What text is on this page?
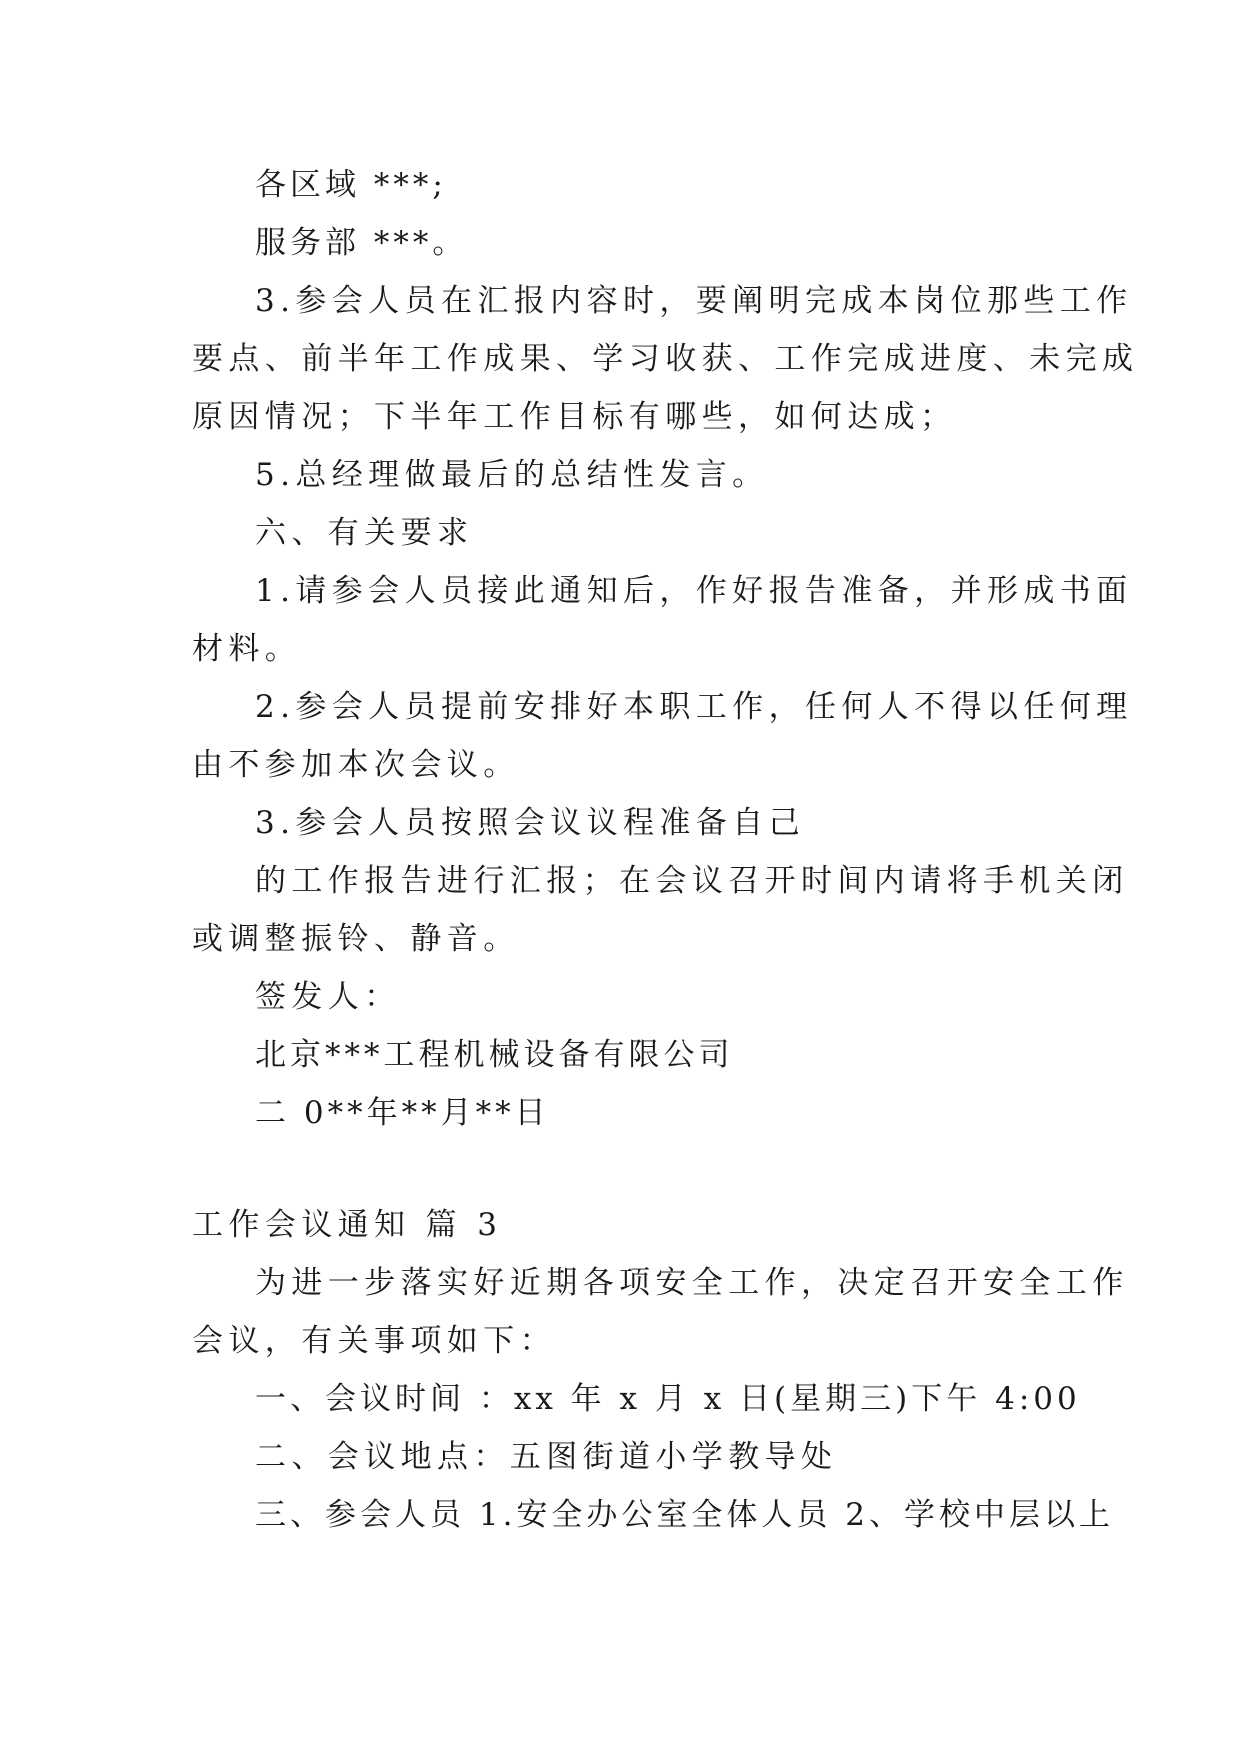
各区域 ***;
服务部 ***。
3.参会人员在汇报内容时，要阐明完成本岗位那些工作
要点、前半年工作成果、学习收获、工作完成进度、未完成
原因情况；下半年工作目标有哪些，如何达成；
5.总经理做最后的总结性发言。
六、有关要求
1.请参会人员接此通知后，作好报告准备，并形成书面
材料。
2.参会人员提前安排好本职工作，任何人不得以任何理
由不参加本次会议。
3.参会人员按照会议议程准备自己
的工作报告进行汇报；在会议召开时间内请将手机关闭
或调整振铃、静音。
签发人：
北京***工程机械设备有限公司
二 0**年**月**日
工作会议通知 篇 3
为进一步落实好近期各项安全工作，决定召开安全工作
会议，有关事项如下：
一、会议时间 ：xx 年 x 月 x 日(星期三)下午 4:00
二、会议地点：五图街道小学教导处
三、参会人员 1.安全办公室全体人员 2、学校中层以上
